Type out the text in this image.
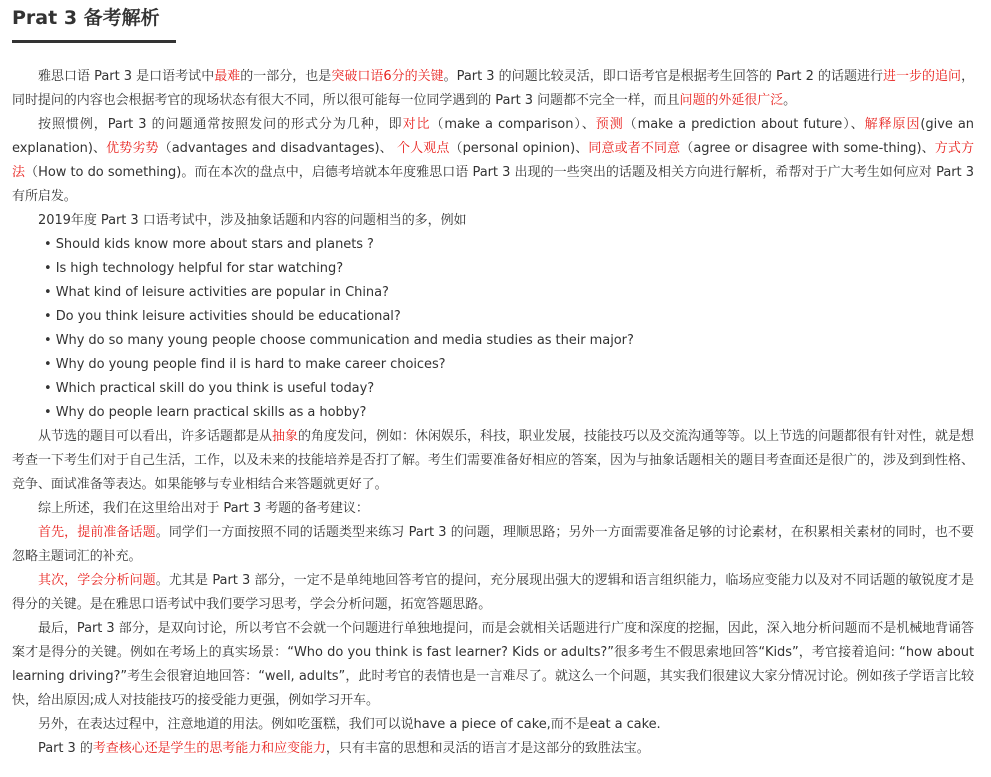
Prat 3 备考解析

雅思口语 Part 3 是口语考试中最难的一部分，也是突破口语6分的关键。Part 3 的问题比较灵活，即口语考官是根据考生回答的 Part 2 的话题进行进一步的追问，同时提问的内容也会根据考官的现场状态有很大不同，所以很可能每一位同学遇到的 Part 3 问题都不完全一样，而且问题的外延很广泛。

按照惯例，Part 3 的问题通常按照发问的形式分为几种，即对比（make a comparison）、预测（make a prediction about future）、解释原因(give an explanation)、优势劣势（advantages and disadvantages)、 个人观点（personal opinion)、同意或者不同意（agree or disagree with some-thing)、方式方法（How to do something)。而在本次的盘点中，启德考培就本年度雅思口语 Part 3 出现的一些突出的话题及相关方向进行解析，希帮对于广大考生如何应对 Part 3 有所启发。

2019年度 Part 3 口语考试中，涉及抽象话题和内容的问题相当的多，例如

• Should kids know more about stars and planets ?

• Is high technology helpful for star watching?

• What kind of leisure activities are popular in China?

• Do you think leisure activities should be educational?

• Why do so many young people choose communication and media studies as their major?

• Why do young people find il is hard to make career choices?

• Which practical skill do you think is useful today?

• Why do people learn practical skills as a hobby?

从节选的题目可以看出，许多话题都是从抽象的角度发问，例如：休闲娱乐，科技，职业发展，技能技巧以及交流沟通等等。以上节选的问题都很有针对性，就是想考查一下考生们对于自己生活，工作，以及未来的技能培养是否打了解。考生们需要准备好相应的答案，因为与抽象话题相关的题目考查面还是很广的，涉及到到性格、竞争、面试准备等表达。如果能够与专业相结合来答题就更好了。

综上所述，我们在这里给出对于 Part 3 考题的备考建议：

首先，提前准备话题。同学们一方面按照不同的话题类型来练习 Part 3 的问题，理顺思路；另外一方面需要准备足够的讨论素材，在积累相关素材的同时，也不要忽略主题词汇的补充。

其次，学会分析问题。尤其是 Part 3 部分，一定不是单纯地回答考官的提问，充分展现出强大的逻辑和语言组织能力，临场应变能力以及对不同话题的敏锐度才是得分的关键。是在雅思口语考试中我们要学习思考，学会分析问题，拓宽答题思路。

最后，Part 3 部分，是双向讨论，所以考官不会就一个问题进行单独地提问，而是会就相关话题进行广度和深度的挖掘，因此，深入地分析问题而不是机械地背诵答案才是得分的关键。例如在考场上的真实场景：“Who do you think is fast learner? Kids or adults?”很多考生不假思索地回答“Kids”，考官接着追问: “how about learning driving?”考生会很窘迫地回答：“well, adults”，此时考官的表情也是一言难尽了。就这么一个问题，其实我们很建议大家分情况讨论。例如孩子学语言比较快，给出原因;成人对技能技巧的接受能力更强，例如学习开车。

另外，在表达过程中，注意地道的用法。例如吃蛋糕，我们可以说have a piece of cake,而不是eat a cake.

Part 3 的考查核心还是学生的思考能力和应变能力，只有丰富的思想和灵活的语言才是这部分的致胜法宝。
